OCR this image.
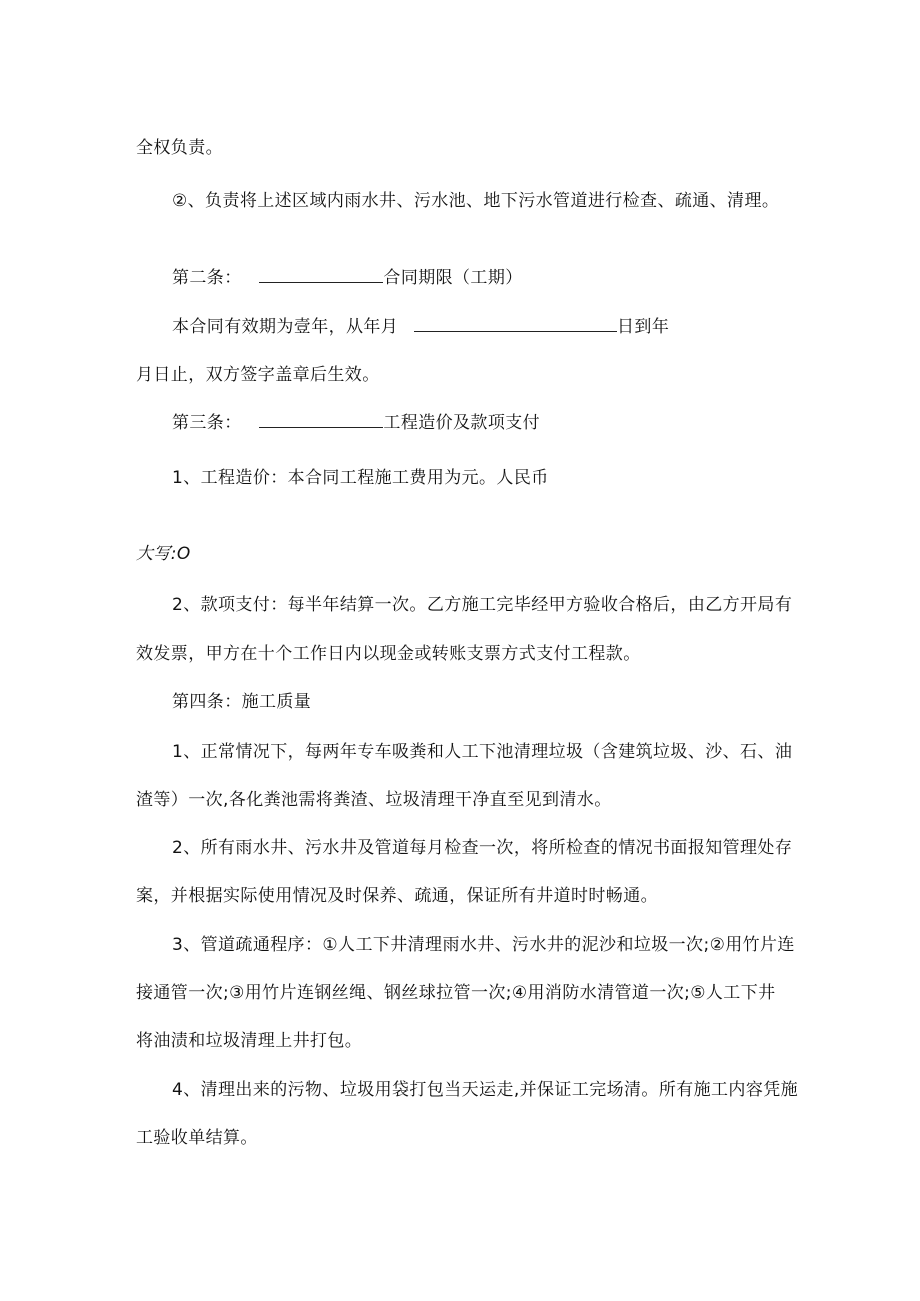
全权负责。
②、负责将上述区域内雨水井、污水池、地下污水管道进行检查、疏通、清理。
第二条：	合同期限（工期）
本合同有效期为壹年，从年月	日到年
月日止，双方签字盖章后生效。
第三条：	工程造价及款项支付
1、工程造价：本合同工程施工费用为元。人民币
大写:O
2、款项支付：每半年结算一次。乙方施工完毕经甲方验收合格后，由乙方开局有
效发票，甲方在十个工作日内以现金或转账支票方式支付工程款。
第四条：施工质量
1、正常情况下，每两年专车吸粪和人工下池清理垃圾（含建筑垃圾、沙、石、油
渣等）一次,各化粪池需将粪渣、垃圾清理干净直至见到清水。
2、所有雨水井、污水井及管道每月检查一次，将所检查的情况书面报知管理处存
案，并根据实际使用情况及时保养、疏通，保证所有井道时时畅通。
3、管道疏通程序：①人工下井清理雨水井、污水井的泥沙和垃圾一次;②用竹片连
接通管一次;③用竹片连钢丝绳、钢丝球拉管一次;④用消防水清管道一次;⑤人工下井
将油渍和垃圾清理上井打包。
4、清理出来的污物、垃圾用袋打包当天运走,并保证工完场清。所有施工内容凭施
工验收单结算。
